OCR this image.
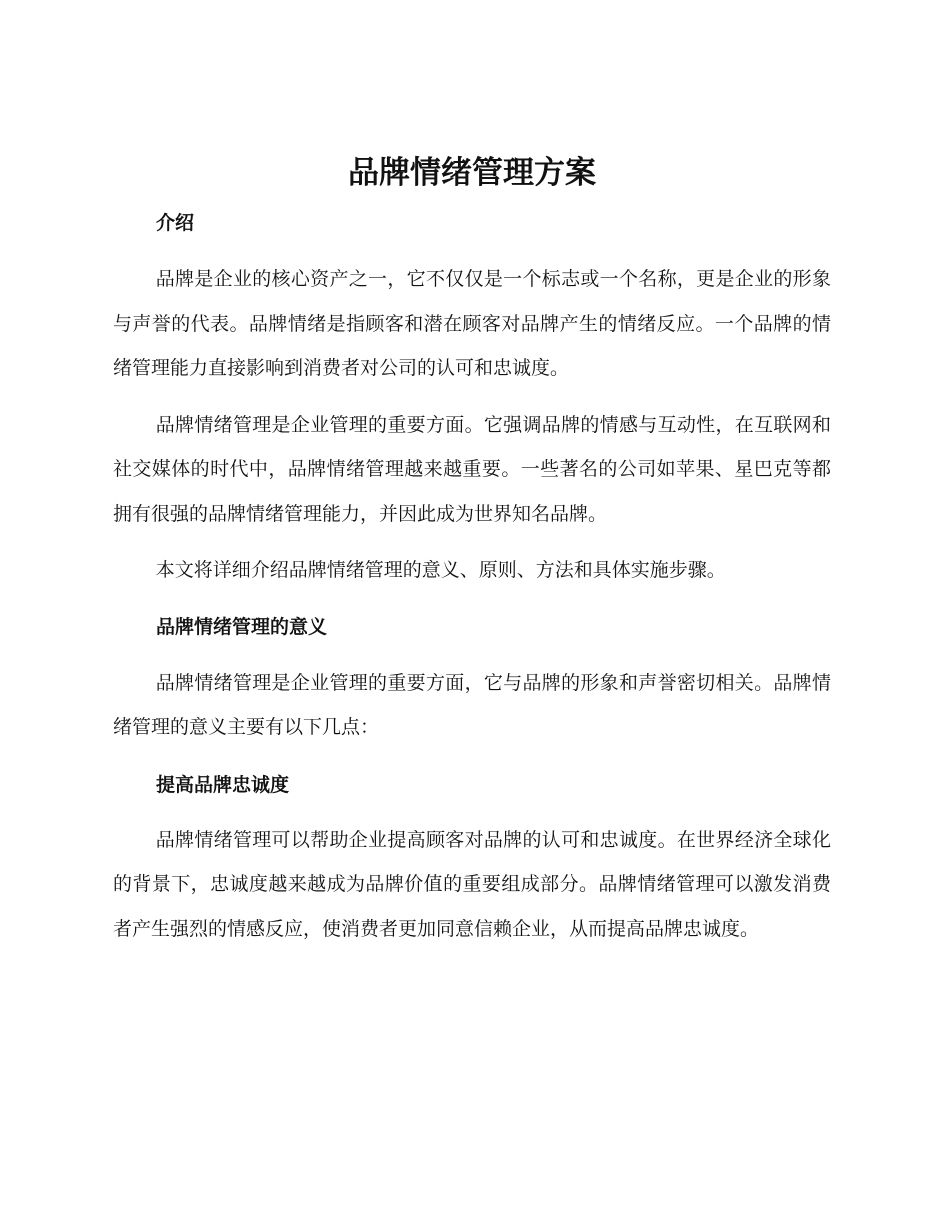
品牌情绪管理方案
介绍

品牌是企业的核心资产之一，它不仅仅是一个标志或一个名称，更是企业的形象与声誉的代表。品牌情绪是指顾客和潜在顾客对品牌产生的情绪反应。一个品牌的情绪管理能力直接影响到消费者对公司的认可和忠诚度。

品牌情绪管理是企业管理的重要方面。它强调品牌的情感与互动性，在互联网和社交媒体的时代中，品牌情绪管理越来越重要。一些著名的公司如苹果、星巴克等都拥有很强的品牌情绪管理能力，并因此成为世界知名品牌。

本文将详细介绍品牌情绪管理的意义、原则、方法和具体实施步骤。

品牌情绪管理的意义

品牌情绪管理是企业管理的重要方面，它与品牌的形象和声誉密切相关。品牌情绪管理的意义主要有以下几点：

提高品牌忠诚度

品牌情绪管理可以帮助企业提高顾客对品牌的认可和忠诚度。在世界经济全球化的背景下，忠诚度越来越成为品牌价值的重要组成部分。品牌情绪管理可以激发消费者产生强烈的情感反应，使消费者更加同意信赖企业，从而提高品牌忠诚度。
